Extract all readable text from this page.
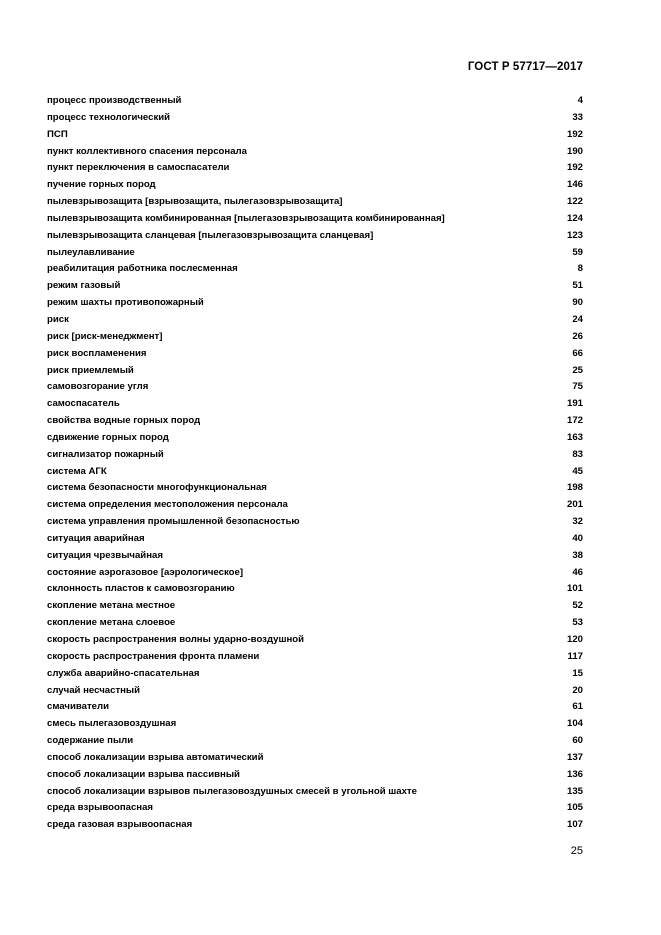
ГОСТ Р 57717—2017
процесс производственный	4
процесс технологический	33
ПСП	192
пункт коллективного спасения персонала	190
пункт переключения в самоспасатели	192
пучение горных пород	146
пылевзрывозащита [взрывозащита, пылегазовзрывозащита]	122
пылевзрывозащита комбинированная [пылегазовзрывозащита комбинированная]	124
пылевзрывозащита сланцевая [пылегазовзрывозащита сланцевая]	123
пылеулавливание	59
реабилитация работника послесменная	8
режим газовый	51
режим шахты противопожарный	90
риск	24
риск [риск-менеджмент]	26
риск воспламенения	66
риск приемлемый	25
самовозгорание угля	75
самоспасатель	191
свойства водные горных пород	172
сдвижение горных пород	163
сигнализатор пожарный	83
система АГК	45
система безопасности многофункциональная	198
система определения местоположения персонала	201
система управления промышленной безопасностью	32
ситуация аварийная	40
ситуация чрезвычайная	38
состояние аэрогазовое [аэрологическое]	46
склонность пластов к самовозгоранию	101
скопление метана местное	52
скопление метана слоевое	53
скорость распространения волны ударно-воздушной	120
скорость распространения фронта пламени	117
служба аварийно-спасательная	15
случай несчастный	20
смачиватели	61
смесь пылегазовоздушная	104
содержание пыли	60
способ локализации взрыва автоматический	137
способ локализации взрыва пассивный	136
способ локализации взрывов пылегазовоздушных смесей в угольной шахте	135
среда взрывоопасная	105
среда газовая взрывоопасная	107
25
